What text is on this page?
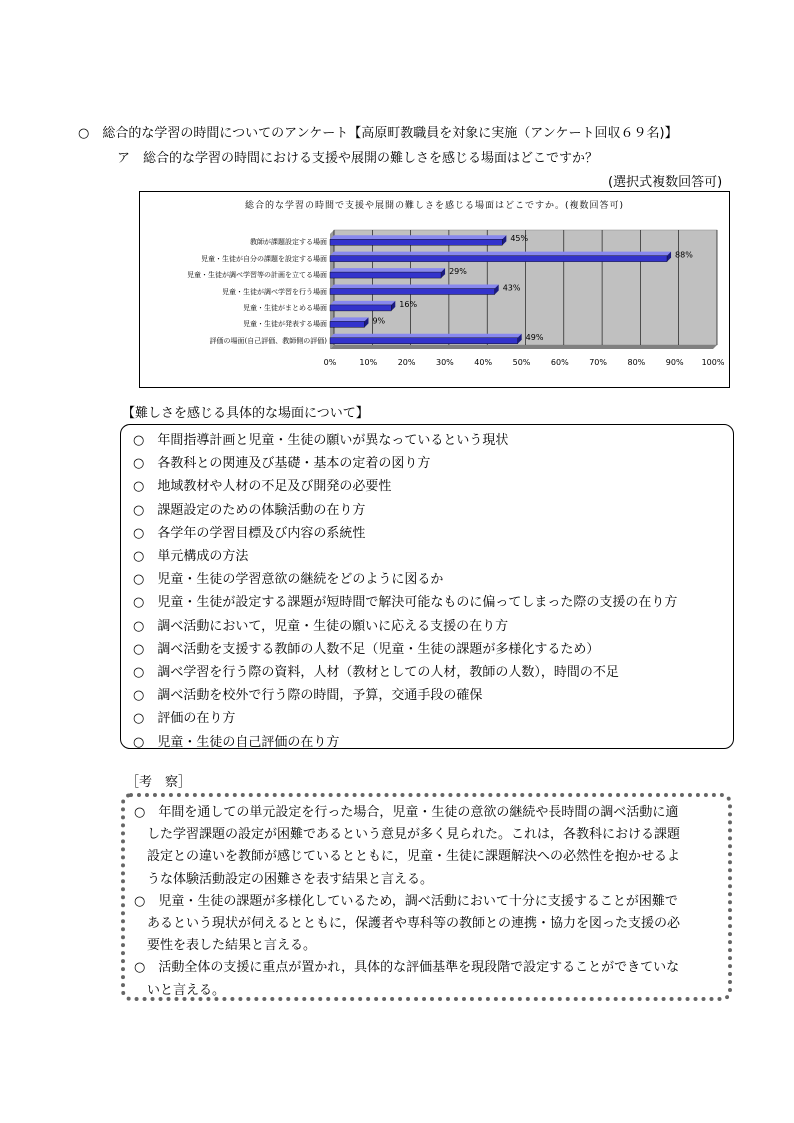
○　総合的な学習の時間についてのアンケート【高原町教職員を対象に実施（アンケート回収６９名)】
ア　総合的な学習の時間における支援や展開の難しさを感じる場面はどこですか？
(選択式複数回答可)
総合的な学習の時間で支援や展開の難しさを感じる場面はどこですか。(複数回答可)
45%
88%
29%
43%
16%
9%
49%
教師が課題設定する場面
児童・生徒が自分の課題を設定する場面
児童・生徒が調べ学習等の計画を立てる場面
児童・生徒が調べ学習を行う場面
児童・生徒がまとめる場面
児童・生徒が発表する場面
評価の場面(自己評価、教師側の評価)
0%	10%	20%	30%	40%	50%	60%	70%	80%	90% 100%
【難しさを感じる具体的な場面について】
○　年間指導計画と児童・生徒の願いが異なっているという現状
○　各教科との関連及び基礎・基本の定着の図り方
○　地域教材や人材の不足及び開発の必要性
○　課題設定のための体験活動の在り方
○　各学年の学習目標及び内容の系統性
○　単元構成の方法
○　児童・生徒の学習意欲の継続をどのように図るか
○　児童・生徒が設定する課題が短時間で解決可能なものに偏ってしまった際の支援の在り方
○　調べ活動において，児童・生徒の願いに応える支援の在り方
○　調べ活動を支援する教師の人数不足（児童・生徒の課題が多様化するため）
○　調べ学習を行う際の資料，人材（教材としての人材，教師の人数），時間の不足
○　調べ活動を校外で行う際の時間，予算，交通手段の確保
○　評価の在り方
○　児童・生徒の自己評価の在り方
［考　察］
○　年間を通しての単元設定を行った場合，児童・生徒の意欲の継続や長時間の調べ活動に適
　した学習課題の設定が困難であるという意見が多く見られた。これは，各教科における課題
　設定との違いを教師が感じているとともに，児童・生徒に課題解決への必然性を抱かせるよ
　うな体験活動設定の困難さを表す結果と言える。
○　児童・生徒の課題が多様化しているため，調べ活動において十分に支援することが困難で
　あるという現状が伺えるとともに，保護者や専科等の教師との連携・協力を図った支援の必
　要性を表した結果と言える。
○　活動全体の支援に重点が置かれ，具体的な評価基準を現段階で設定することができていな
　いと言える。
